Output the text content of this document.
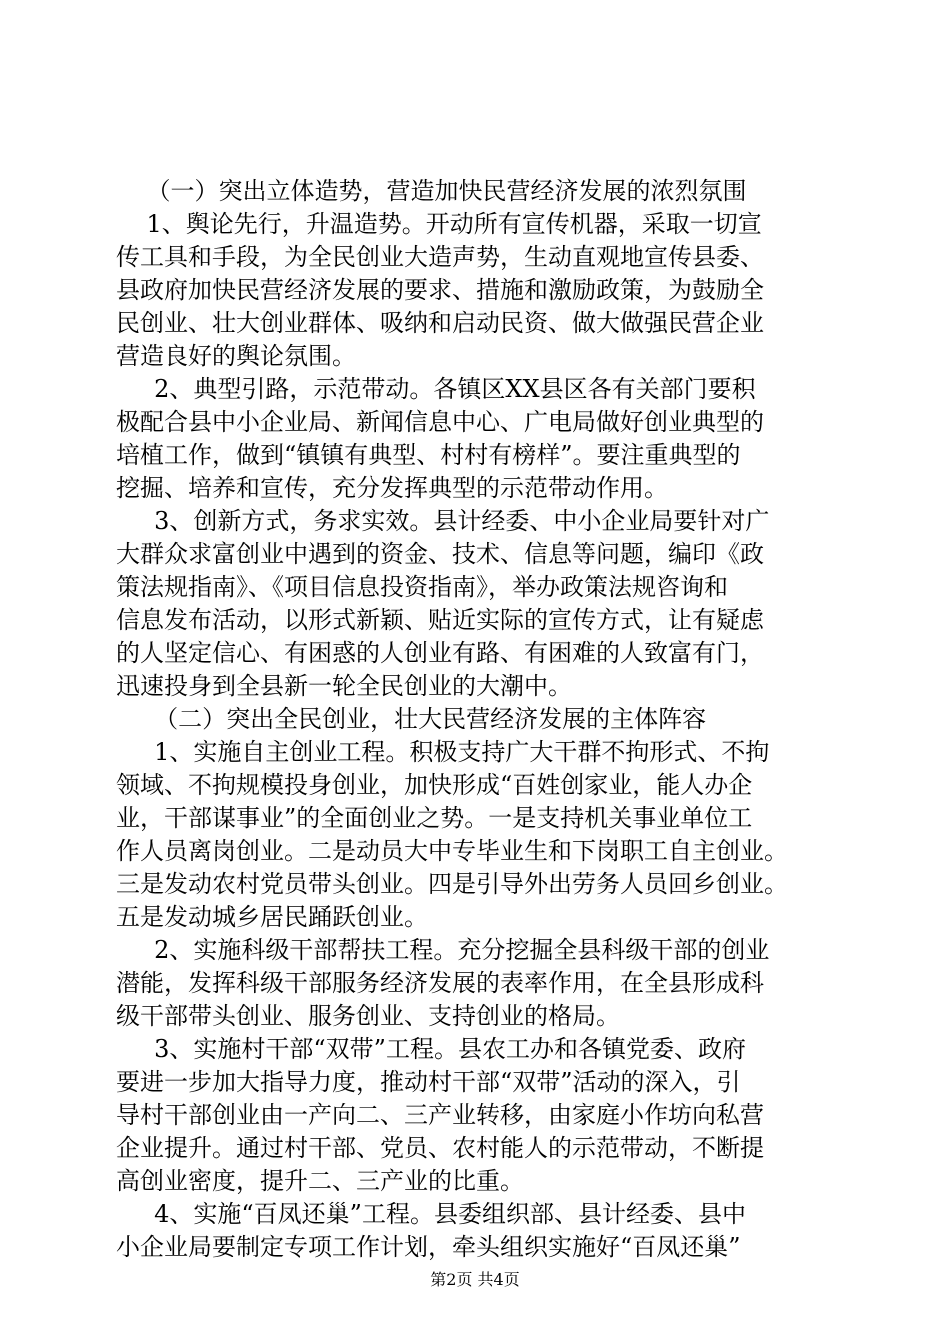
（一）突出立体造势，营造加快民营经济发展的浓烈氛围
1、舆论先行，升温造势。开动所有宣传机器，采取一切宣
传工具和手段，为全民创业大造声势，生动直观地宣传县委、
县政府加快民营经济发展的要求、措施和激励政策，为鼓励全
民创业、壮大创业群体、吸纳和启动民资、做大做强民营企业
营造良好的舆论氛围。
2、典型引路，示范带动。各镇区XX县区各有关部门要积
极配合县中小企业局、新闻信息中心、广电局做好创业典型的
培植工作，做到“镇镇有典型、村村有榜样”。要注重典型的
挖掘、培养和宣传，充分发挥典型的示范带动作用。
3、创新方式，务求实效。县计经委、中小企业局要针对广
大群众求富创业中遇到的资金、技术、信息等问题，编印《政
策法规指南》、《项目信息投资指南》，举办政策法规咨询和
信息发布活动，以形式新颖、贴近实际的宣传方式，让有疑虑
的人坚定信心、有困惑的人创业有路、有困难的人致富有门，
迅速投身到全县新一轮全民创业的大潮中。
（二）突出全民创业，壮大民营经济发展的主体阵容
1、实施自主创业工程。积极支持广大干群不拘形式、不拘
领域、不拘规模投身创业，加快形成“百姓创家业，能人办企
业，干部谋事业”的全面创业之势。一是支持机关事业单位工
作人员离岗创业。二是动员大中专毕业生和下岗职工自主创业。
三是发动农村党员带头创业。四是引导外出劳务人员回乡创业。
五是发动城乡居民踊跃创业。
2、实施科级干部帮扶工程。充分挖掘全县科级干部的创业
潜能，发挥科级干部服务经济发展的表率作用，在全县形成科
级干部带头创业、服务创业、支持创业的格局。
3、实施村干部“双带”工程。县农工办和各镇党委、政府
要进一步加大指导力度，推动村干部“双带”活动的深入，引
导村干部创业由一产向二、三产业转移，由家庭小作坊向私营
企业提升。通过村干部、党员、农村能人的示范带动，不断提
高创业密度，提升二、三产业的比重。
4、实施“百凤还巢”工程。县委组织部、县计经委、县中
小企业局要制定专项工作计划，牵头组织实施好“百凤还巢”
第2页 共4页
